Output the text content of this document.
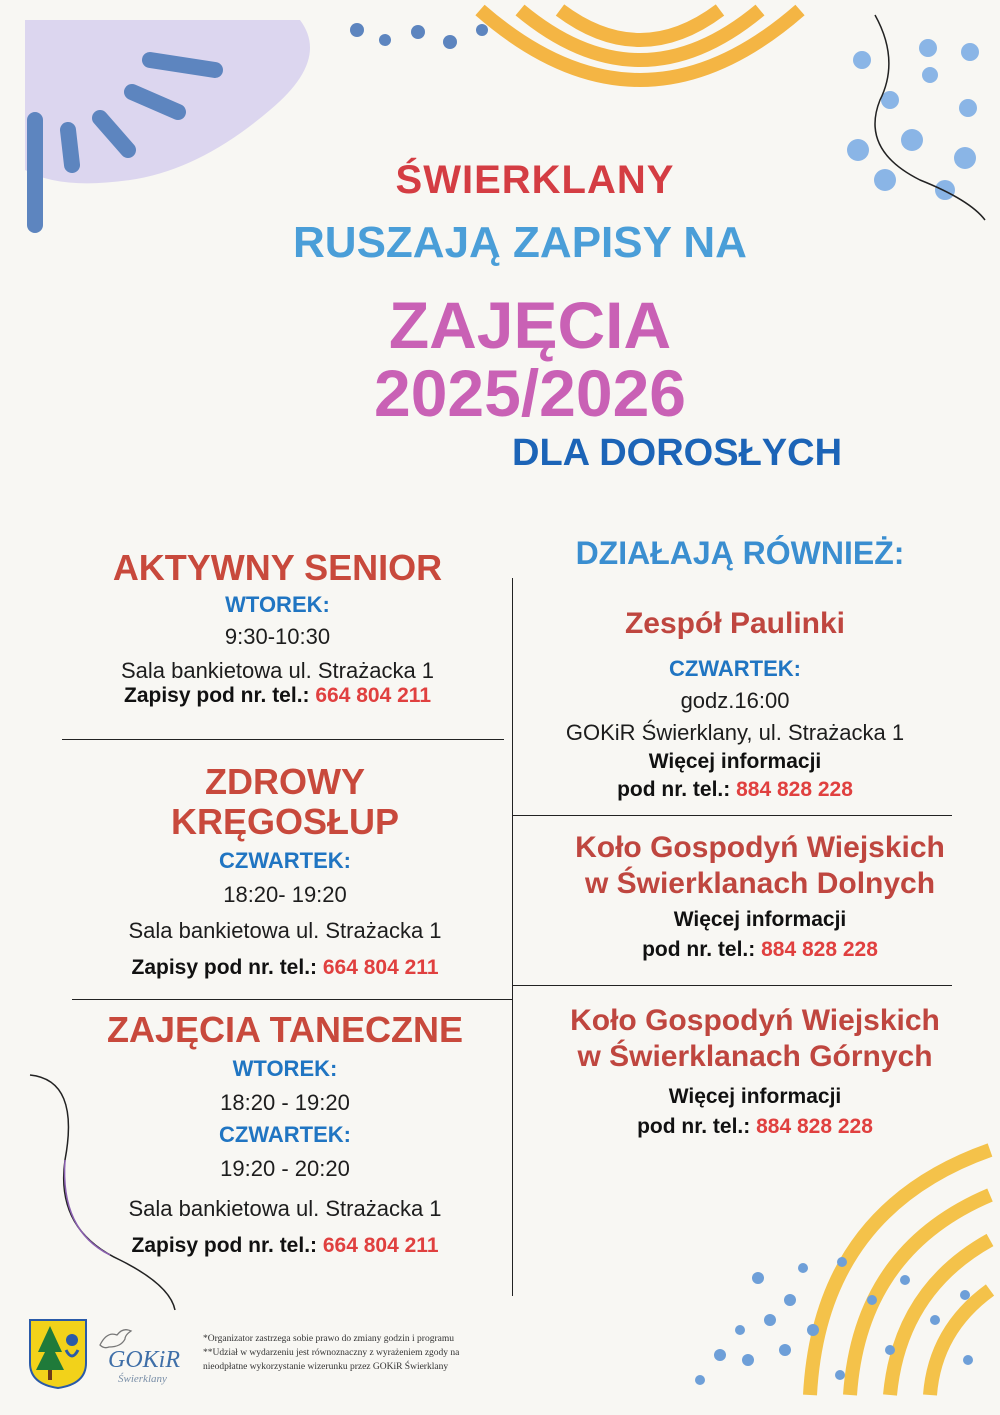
ŚWIERKLANY
RUSZAJĄ ZAPISY NA
ZAJĘCIA
2025/2026
DLA DOROSŁYCH
AKTYWNY SENIOR
WTOREK:
9:30-10:30
Sala bankietowa ul. Strażacka 1
Zapisy pod nr. tel.: 664 804 211
ZDROWY
KRĘGOSŁUP
CZWARTEK:
18:20- 19:20
Sala bankietowa ul. Strażacka 1
Zapisy pod nr. tel.: 664 804 211
ZAJĘCIA TANECZNE
WTOREK:
18:20 - 19:20
CZWARTEK:
19:20 - 20:20
Sala bankietowa ul. Strażacka 1
Zapisy pod nr. tel.: 664 804 211
DZIAŁAJĄ RÓWNIEŻ:
Zespół Paulinki
CZWARTEK:
godz.16:00
GOKiR Świerklany, ul. Strażacka 1
Więcej informacji
pod nr. tel.: 884 828 228
Koło Gospodyń Wiejskich
w Świerklanach Dolnych
Więcej informacji
pod nr. tel.: 884 828 228
Koło Gospodyń Wiejskich
w Świerklanach Górnych
Więcej informacji
pod nr. tel.: 884 828 228
GOKiR
Świerklany
*Organizator zastrzega sobie prawo do zmiany godzin i programu
**Udział w wydarzeniu jest równoznaczny z wyrażeniem zgody na
nieodpłatne wykorzystanie wizerunku przez GOKiR Świerklany
